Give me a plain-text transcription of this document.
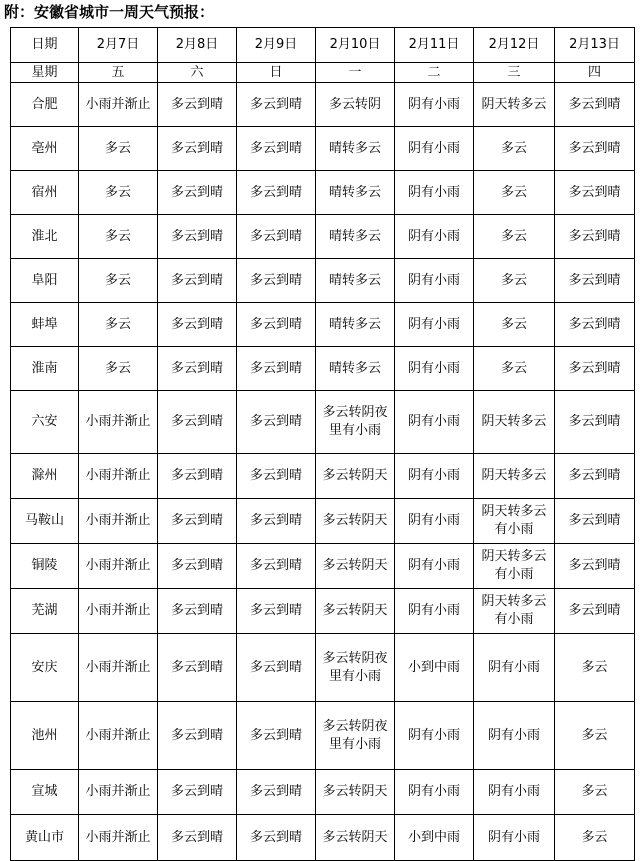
附：安徽省城市一周天气预报：
日期	2月7日	2月8日	2月9日	2月10日	2月11日	2月12日	2月13日
星期	五	六	日	一	二	三	四
合肥	小雨并渐止	多云到晴	多云到晴	多云转阴	阴有小雨	阴天转多云	多云到晴
亳州	多云	多云到晴	多云到晴	晴转多云	阴有小雨	多云	多云到晴
宿州	多云	多云到晴	多云到晴	晴转多云	阴有小雨	多云	多云到晴
淮北	多云	多云到晴	多云到晴	晴转多云	阴有小雨	多云	多云到晴
阜阳	多云	多云到晴	多云到晴	晴转多云	阴有小雨	多云	多云到晴
蚌埠	多云	多云到晴	多云到晴	晴转多云	阴有小雨	多云	多云到晴
淮南	多云	多云到晴	多云到晴	晴转多云	阴有小雨	多云	多云到晴
六安	小雨并渐止	多云到晴	多云到晴	多云转阴夜里有小雨	阴有小雨	阴天转多云	多云到晴
滁州	小雨并渐止	多云到晴	多云到晴	多云转阴天	阴有小雨	阴天转多云	多云到晴
马鞍山	小雨并渐止	多云到晴	多云到晴	多云转阴天	阴有小雨	阴天转多云有小雨	多云到晴
铜陵	小雨并渐止	多云到晴	多云到晴	多云转阴天	阴有小雨	阴天转多云有小雨	多云到晴
芜湖	小雨并渐止	多云到晴	多云到晴	多云转阴天	阴有小雨	阴天转多云有小雨	多云到晴
安庆	小雨并渐止	多云到晴	多云到晴	多云转阴夜里有小雨	小到中雨	阴有小雨	多云
池州	小雨并渐止	多云到晴	多云到晴	多云转阴夜里有小雨	阴有小雨	阴有小雨	多云
宣城	小雨并渐止	多云到晴	多云到晴	多云转阴天	阴有小雨	阴有小雨	多云
黄山市	小雨并渐止	多云到晴	多云到晴	多云转阴天	小到中雨	阴有小雨	多云
